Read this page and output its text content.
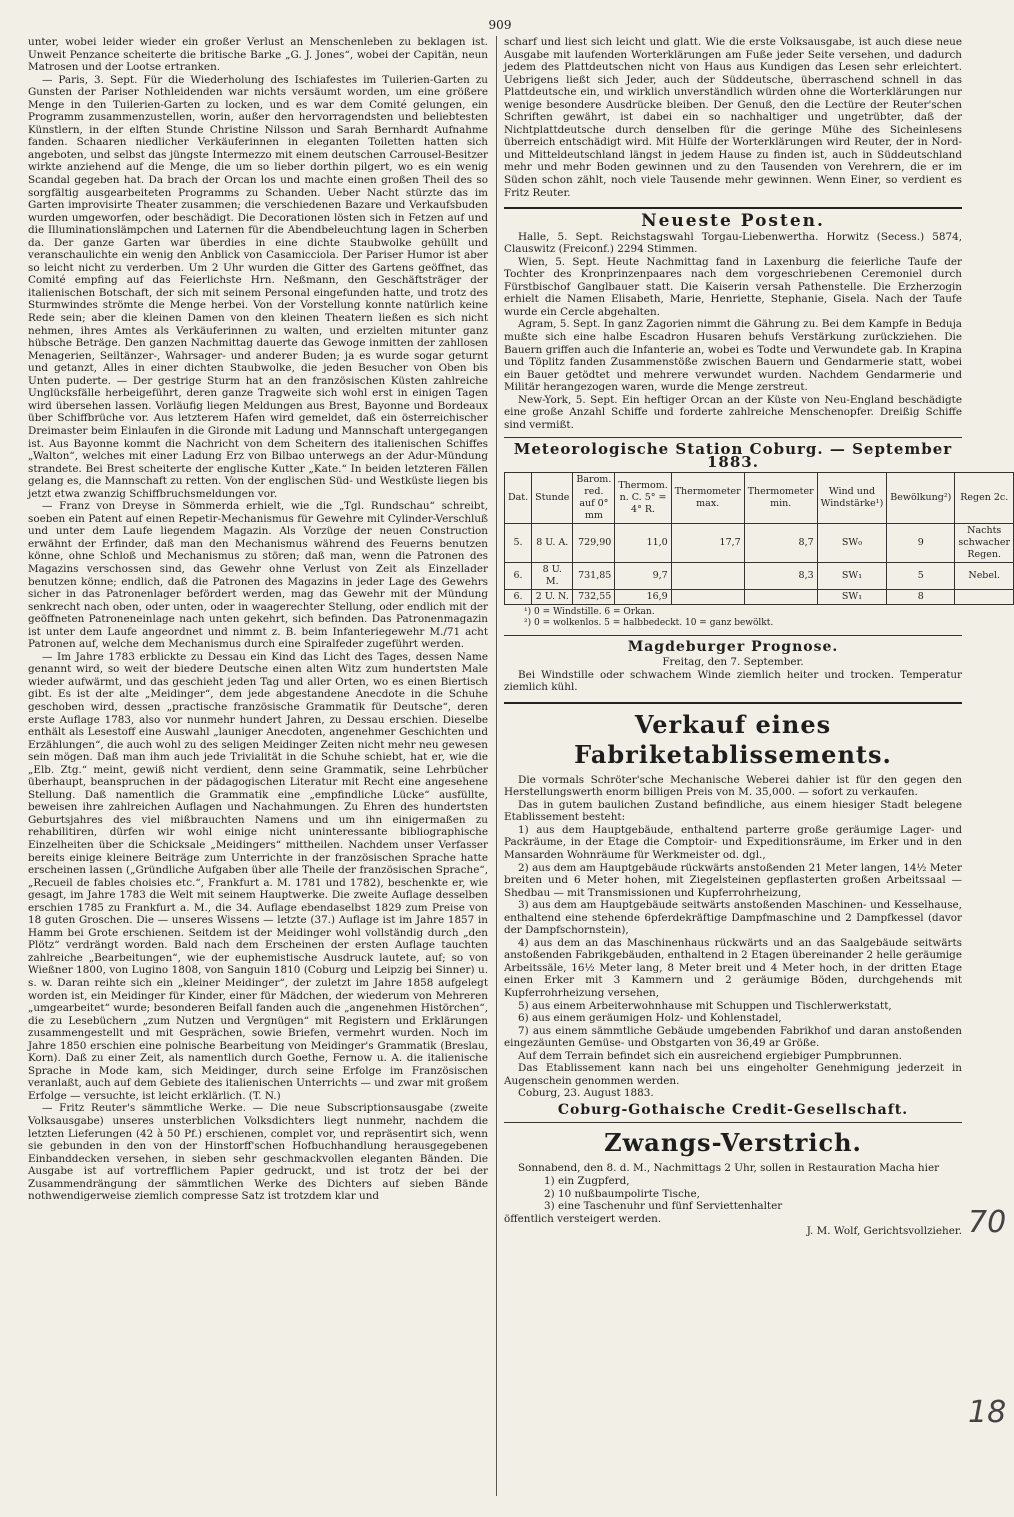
909

unter, wobei leider wieder ein großer Verlust an Menschenleben zu beklagen ist. Unweit Penzance scheiterte die britische Barke „G. J. Jones“, wobei der Capitän, neun Matrosen und der Lootse ertranken.

— Paris, 3. Sept. Für die Wiederholung des Ischiafestes im Tuilerien-Garten zu Gunsten der Pariser Nothleidenden war nichts versäumt worden, um eine größere Menge in den Tuilerien-Garten zu locken, und es war dem Comité gelungen, ein Programm zusammenzustellen, worin, außer den hervorragendsten und beliebtesten Künstlern, in der elften Stunde Christine Nilsson und Sarah Bernhardt Aufnahme fanden. Schaaren niedlicher Verkäuferinnen in eleganten Toiletten hatten sich angeboten, und selbst das jüngste Intermezzo mit einem deutschen Carrousel-Besitzer wirkte anziehend auf die Menge, die um so lieber dorthin pilgert, wo es ein wenig Scandal gegeben hat. Da brach der Orcan los und machte einen großen Theil des so sorgfältig ausgearbeiteten Programms zu Schanden. Ueber Nacht stürzte das im Garten improvisirte Theater zusammen; die verschiedenen Bazare und Verkaufsbuden wurden umgeworfen, oder beschädigt. Die Decorationen lösten sich in Fetzen auf und die Illuminationslämpchen und Laternen für die Abendbeleuchtung lagen in Scherben da. Der ganze Garten war überdies in eine dichte Staubwolke gehüllt und veranschaulichte ein wenig den Anblick von Casamicciola. Der Pariser Humor ist aber so leicht nicht zu verderben. Um 2 Uhr wurden die Gitter des Gartens geöffnet, das Comité empfing auf das Feierlichste Hrn. Neßmann, den Geschäftsträger der italienischen Botschaft, der sich mit seinem Personal eingefunden hatte, und trotz des Sturmwindes strömte die Menge herbei. Von der Vorstellung konnte natürlich keine Rede sein; aber die kleinen Damen von den kleinen Theatern ließen es sich nicht nehmen, ihres Amtes als Verkäuferinnen zu walten, und erzielten mitunter ganz hübsche Beträge. Den ganzen Nachmittag dauerte das Gewoge inmitten der zahllosen Menagerien, Seiltänzer-, Wahrsager- und anderer Buden; ja es wurde sogar geturnt und getanzt, Alles in einer dichten Staubwolke, die jeden Besucher von Oben bis Unten puderte. — Der gestrige Sturm hat an den französischen Küsten zahlreiche Unglücksfälle herbeigeführt, deren ganze Tragweite sich wohl erst in einigen Tagen wird übersehen lassen. Vorläufig liegen Meldungen aus Brest, Bayonne und Bordeaux über Schiffbrüche vor. Aus letzterem Hafen wird gemeldet, daß ein österreichischer Dreimaster beim Einlaufen in die Gironde mit Ladung und Mannschaft untergegangen ist. Aus Bayonne kommt die Nachricht von dem Scheitern des italienischen Schiffes „Walton“, welches mit einer Ladung Erz von Bilbao unterwegs an der Adur-Mündung strandete. Bei Brest scheiterte der englische Kutter „Kate.“ In beiden letzteren Fällen gelang es, die Mannschaft zu retten. Von der englischen Süd- und Westküste liegen bis jetzt etwa zwanzig Schiffbruchsmeldungen vor.

— Franz von Dreyse in Sömmerda erhielt, wie die „Tgl. Rundschau“ schreibt, soeben ein Patent auf einen Repetir-Mechanismus für Gewehre mit Cylinder-Verschluß und unter dem Laufe liegendem Magazin. Als Vorzüge der neuen Construction erwähnt der Erfinder, daß man den Mechanismus während des Feuerns benutzen könne, ohne Schloß und Mechanismus zu stören; daß man, wenn die Patronen des Magazins verschossen sind, das Gewehr ohne Verlust von Zeit als Einzellader benutzen könne; endlich, daß die Patronen des Magazins in jeder Lage des Gewehrs sicher in das Patronenlager befördert werden, mag das Gewehr mit der Mündung senkrecht nach oben, oder unten, oder in waagerechter Stellung, oder endlich mit der geöffneten Patroneneinlage nach unten gekehrt, sich befinden. Das Patronenmagazin ist unter dem Laufe angeordnet und nimmt z. B. beim Infanteriegewehr M./71 acht Patronen auf, welche dem Mechanismus durch eine Spiralfeder zugeführt werden.

— Im Jahre 1783 erblickte zu Dessau ein Kind das Licht des Tages, dessen Name genannt wird, so weit der biedere Deutsche einen alten Witz zum hundertsten Male wieder aufwärmt, und das geschieht jeden Tag und aller Orten, wo es einen Biertisch gibt. Es ist der alte „Meidinger“, dem jede abgestandene Anecdote in die Schuhe geschoben wird, dessen „practische französische Grammatik für Deutsche“, deren erste Auflage 1783, also vor nunmehr hundert Jahren, zu Dessau erschien. Dieselbe enthält als Lesestoff eine Auswahl „launiger Anecdoten, angenehmer Geschichten und Erzählungen“, die auch wohl zu des seligen Meidinger Zeiten nicht mehr neu gewesen sein mögen. Daß man ihm auch jede Trivialität in die Schuhe schiebt, hat er, wie die „Elb. Ztg.“ meint, gewiß nicht verdient, denn seine Grammatik, seine Lehrbücher überhaupt, beanspruchen in der pädagogischen Literatur mit Recht eine angesehene Stellung. Daß namentlich die Grammatik eine „empfindliche Lücke“ ausfüllte, beweisen ihre zahlreichen Auflagen und Nachahmungen. Zu Ehren des hundertsten Geburtsjahres des viel mißbrauchten Namens und um ihn einigermaßen zu rehabilitiren, dürfen wir wohl einige nicht uninteressante bibliographische Einzelheiten über die Schicksale „Meidingers“ mittheilen. Nachdem unser Verfasser bereits einige kleinere Beiträge zum Unterrichte in der französischen Sprache hatte erscheinen lassen („Gründliche Aufgaben über alle Theile der französischen Sprache“, „Recueil de fables choisies etc.“, Frankfurt a. M. 1781 und 1782), beschenkte er, wie gesagt, im Jahre 1783 die Welt mit seinem Hauptwerke. Die zweite Auflage desselben erschien 1785 zu Frankfurt a. M., die 34. Auflage ebendaselbst 1829 zum Preise von 18 guten Groschen. Die — unseres Wissens — letzte (37.) Auflage ist im Jahre 1857 in Hamm bei Grote erschienen. Seitdem ist der Meidinger wohl vollständig durch „den Plötz“ verdrängt worden. Bald nach dem Erscheinen der ersten Auflage tauchten zahlreiche „Bearbeitungen“, wie der euphemistische Ausdruck lautete, auf; so von Wießner 1800, von Lugino 1808, von Sanguin 1810 (Coburg und Leipzig bei Sinner) u. s. w. Daran reihte sich ein „kleiner Meidinger“, der zuletzt im Jahre 1858 aufgelegt worden ist, ein Meidinger für Kinder, einer für Mädchen, der wiederum von Mehreren „umgearbeitet“ wurde; besonderen Beifall fanden auch die „angenehmen Histörchen“, die zu Lesebüchern „zum Nutzen und Vergnügen“ mit Registern und Erklärungen zusammengestellt und mit Gesprächen, sowie Briefen, vermehrt wurden. Noch im Jahre 1850 erschien eine polnische Bearbeitung von Meidinger's Grammatik (Breslau, Korn). Daß zu einer Zeit, als namentlich durch Goethe, Fernow u. A. die italienische Sprache in Mode kam, sich Meidinger, durch seine Erfolge im Französischen veranlaßt, auch auf dem Gebiete des italienischen Unterrichts — und zwar mit großem Erfolge — versuchte, ist leicht erklärlich. (T. N.)

— Fritz Reuter's sämmtliche Werke. — Die neue Subscriptionsausgabe (zweite Volksausgabe) unseres unsterblichen Volksdichters liegt nunmehr, nachdem die letzten Lieferungen (42 à 50 Pf.) erschienen, complet vor, und repräsentirt sich, wenn sie gebunden in den von der Hinstorff'schen Hofbuchhandlung herausgegebenen Einbanddecken versehen, in sieben sehr geschmackvollen eleganten Bänden. Die Ausgabe ist auf vortrefflichem Papier gedruckt, und ist trotz der bei der Zusammendrängung der sämmtlichen Werke des Dichters auf sieben Bände nothwendigerweise ziemlich compresse Satz ist trotzdem klar und

scharf und liest sich leicht und glatt. Wie die erste Volksausgabe, ist auch diese neue Ausgabe mit laufenden Worterklärungen am Fuße jeder Seite versehen, und dadurch jedem des Plattdeutschen nicht von Haus aus Kundigen das Lesen sehr erleichtert. Uebrigens ließt sich Jeder, auch der Süddeutsche, überraschend schnell in das Plattdeutsche ein, und wirklich unverständlich würden ohne die Worterklärungen nur wenige besondere Ausdrücke bleiben. Der Genuß, den die Lectüre der Reuter'schen Schriften gewährt, ist dabei ein so nachhaltiger und ungetrübter, daß der Nichtplattdeutsche durch denselben für die geringe Mühe des Sicheinlesens überreich entschädigt wird. Mit Hülfe der Worterklärungen wird Reuter, der in Nord- und Mitteldeutschland längst in jedem Hause zu finden ist, auch in Süddeutschland mehr und mehr Boden gewinnen und zu den Tausenden von Verehrern, die er im Süden schon zählt, noch viele Tausende mehr gewinnen. Wenn Einer, so verdient es Fritz Reuter.

Neueste Posten.

Halle, 5. Sept. Reichstagswahl Torgau-Liebenwertha. Horwitz (Secess.) 5874, Clauswitz (Freiconf.) 2294 Stimmen.

Wien, 5. Sept. Heute Nachmittag fand in Laxenburg die feierliche Taufe der Tochter des Kronprinzenpaares nach dem vorgeschriebenen Ceremoniel durch Fürstbischof Ganglbauer statt. Die Kaiserin versah Pathenstelle. Die Erzherzogin erhielt die Namen Elisabeth, Marie, Henriette, Stephanie, Gisela. Nach der Taufe wurde ein Cercle abgehalten.

Agram, 5. Sept. In ganz Zagorien nimmt die Gährung zu. Bei dem Kampfe in Beduja mußte sich eine halbe Escadron Husaren behufs Verstärkung zurückziehen. Die Bauern griffen auch die Infanterie an, wobei es Todte und Verwundete gab. In Krapina und Töplitz fanden Zusammenstöße zwischen Bauern und Gendarmerie statt, wobei ein Bauer getödtet und mehrere verwundet wurden. Nachdem Gendarmerie und Militär herangezogen waren, wurde die Menge zerstreut.

New-York, 5. Sept. Ein heftiger Orcan an der Küste von Neu-England beschädigte eine große Anzahl Schiffe und forderte zahlreiche Menschenopfer. Dreißig Schiffe sind vermißt.

Meteorologische Station Coburg. — September 1883.
Dat.	Stunde	Barom. red. auf 0° mm	Thermom. n. C. 5° = 4° R.	Thermometer max.	Thermometer min.	Wind und Windstärke¹)	Bewölkung²)	Regen 2c.
5.	8 U. A.	729,90	11,0	17,7	8,7	SW₀	9	Nachts schwacher Regen.
6.	8 U. M.	731,85	9,7		8,3	SW₁	5	Nebel.
6.	2 U. N.	732,55	16,9			SW₁	8	

¹) 0 = Windstille. 6 = Orkan.

²) 0 = wolkenlos. 5 = halbbedeckt. 10 = ganz bewölkt.

Magdeburger Prognose.

Freitag, den 7. September.

Bei Windstille oder schwachem Winde ziemlich heiter und trocken. Temperatur ziemlich kühl.

Verkauf eines Fabriketablissements.

Die vormals Schröter'sche Mechanische Weberei dahier ist für den gegen den Herstellungswerth enorm billigen Preis von M. 35,000. — sofort zu verkaufen.

Das in gutem baulichen Zustand befindliche, aus einem hiesiger Stadt belegene Etablissement besteht:

1) aus dem Hauptgebäude, enthaltend parterre große geräumige Lager- und Packräume, in der Etage die Comptoir- und Expeditionsräume, im Erker und in den Mansarden Wohnräume für Werkmeister od. dgl.,

2) aus dem am Hauptgebäude rückwärts anstoßenden 21 Meter langen, 14½ Meter breiten und 6 Meter hohen, mit Ziegelsteinen gepflasterten großen Arbeitssaal — Shedbau — mit Transmissionen und Kupferrohrheizung,

3) aus dem am Hauptgebäude seitwärts anstoßenden Maschinen- und Kesselhause, enthaltend eine stehende 6pferdekräftige Dampfmaschine und 2 Dampfkessel (davor der Dampfschornstein),

4) aus dem an das Maschinenhaus rückwärts und an das Saalgebäude seitwärts anstoßenden Fabrikgebäuden, enthaltend in 2 Etagen übereinander 2 helle geräumige Arbeitssäle, 16½ Meter lang, 8 Meter breit und 4 Meter hoch, in der dritten Etage einen Erker mit 3 Kammern und 2 geräumige Böden, durchgehends mit Kupferrohrheizung versehen,

5) aus einem Arbeiterwohnhause mit Schuppen und Tischlerwerkstatt,

6) aus einem geräumigen Holz- und Kohlenstadel,

7) aus einem sämmtliche Gebäude umgebenden Fabrikhof und daran anstoßenden eingezäunten Gemüse- und Obstgarten von 36,49 ar Größe.

Auf dem Terrain befindet sich ein ausreichend ergiebiger Pumpbrunnen.

Das Etablissement kann nach bei uns eingeholter Genehmigung jederzeit in Augenschein genommen werden.

Coburg, 23. August 1883.

Coburg-Gothaische Credit-Gesellschaft.
Zwangs-Verstrich.

Sonnabend, den 8. d. M., Nachmittags 2 Uhr, sollen in Restauration Macha hier

1) ein Zugpferd,

2) 10 nußbaumpolirte Tische,

3) eine Taschenuhr und fünf Serviettenhalter

öffentlich versteigert werden.

J. M. Wolf, Gerichtsvollzieher. 70
18
